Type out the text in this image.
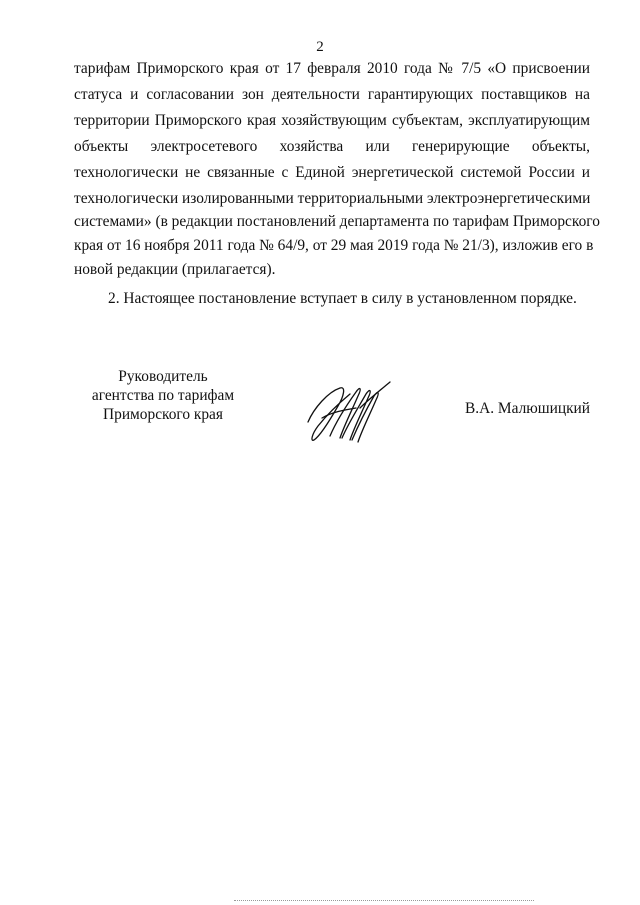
2
тарифам Приморского края от 17 февраля 2010 года № 7/5 «О присвоении
статуса и согласовании зон деятельности гарантирующих поставщиков на
территории Приморского края хозяйствующим субъектам, эксплуатирующим
объекты электросетевого хозяйства или генерирующие объекты,
технологически не связанные с Единой энергетической системой России и
технологически изолированными территориальными электроэнергетическими
системами» (в редакции постановлений департамента по тарифам Приморского
края от 16 ноября 2011 года № 64/9, от 29 мая 2019 года № 21/3), изложив его в
новой редакции (прилагается).
2. Настоящее постановление вступает в силу в установленном порядке.
Руководитель
агентства по тарифам
Приморского края	В.А. Малюшицкий
